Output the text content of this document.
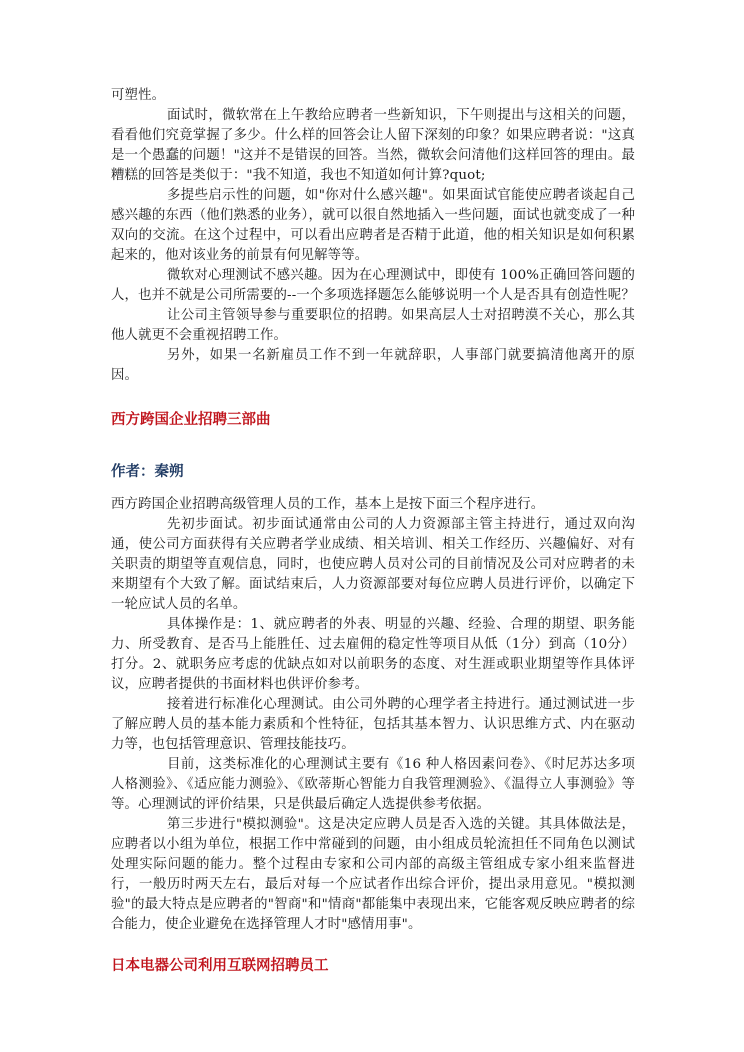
可塑性。

面试时，微软常在上午教给应聘者一些新知识，下午则提出与这相关的问题，看看他们究竟掌握了多少。什么样的回答会让人留下深刻的印象？如果应聘者说："这真是一个愚蠢的问题！"这并不是错误的回答。当然，微软会问清他们这样回答的理由。最糟糕的回答是类似于："我不知道，我也不知道如何计算?quot;

多提些启示性的问题，如"你对什么感兴趣"。如果面试官能使应聘者谈起自己感兴趣的东西（他们熟悉的业务），就可以很自然地插入一些问题，面试也就变成了一种双向的交流。在这个过程中，可以看出应聘者是否精于此道，他的相关知识是如何积累起来的，他对该业务的前景有何见解等等。

微软对心理测试不感兴趣。因为在心理测试中，即使有 100%正确回答问题的人，也并不就是公司所需要的--一个多项选择题怎么能够说明一个人是否具有创造性呢？

让公司主管领导参与重要职位的招聘。如果高层人士对招聘漠不关心，那么其他人就更不会重视招聘工作。

另外，如果一名新雇员工作不到一年就辞职，人事部门就要搞清他离开的原因。

西方跨国企业招聘三部曲
作者：秦朔

西方跨国企业招聘高级管理人员的工作，基本上是按下面三个程序进行。

先初步面试。初步面试通常由公司的人力资源部主管主持进行，通过双向沟通，使公司方面获得有关应聘者学业成绩、相关培训、相关工作经历、兴趣偏好、对有关职责的期望等直观信息，同时，也使应聘人员对公司的目前情况及公司对应聘者的未来期望有个大致了解。面试结束后，人力资源部要对每位应聘人员进行评价，以确定下一轮应试人员的名单。

具体操作是：1、就应聘者的外表、明显的兴趣、经验、合理的期望、职务能力、所受教育、是否马上能胜任、过去雇佣的稳定性等项目从低（1分）到高（10分）打分。2、就职务应考虑的优缺点如对以前职务的态度、对生涯或职业期望等作具体评议，应聘者提供的书面材料也供评价参考。

接着进行标准化心理测试。由公司外聘的心理学者主持进行。通过测试进一步了解应聘人员的基本能力素质和个性特征，包括其基本智力、认识思维方式、内在驱动力等，也包括管理意识、管理技能技巧。

目前，这类标准化的心理测试主要有《16 种人格因素问卷》、《时尼苏达多项人格测验》、《适应能力测验》、《欧蒂斯心智能力自我管理测验》、《温得立人事测验》等等。心理测试的评价结果，只是供最后确定人选提供参考依据。

第三步进行"模拟测验"。这是决定应聘人员是否入选的关键。其具体做法是，应聘者以小组为单位，根据工作中常碰到的问题，由小组成员轮流担任不同角色以测试处理实际问题的能力。整个过程由专家和公司内部的高级主管组成专家小组来监督进行，一般历时两天左右，最后对每一个应试者作出综合评价，提出录用意见。"模拟测验"的最大特点是应聘者的"智商"和"情商"都能集中表现出来，它能客观反映应聘者的综合能力，使企业避免在选择管理人才时"感情用事"。

日本电器公司利用互联网招聘员工
